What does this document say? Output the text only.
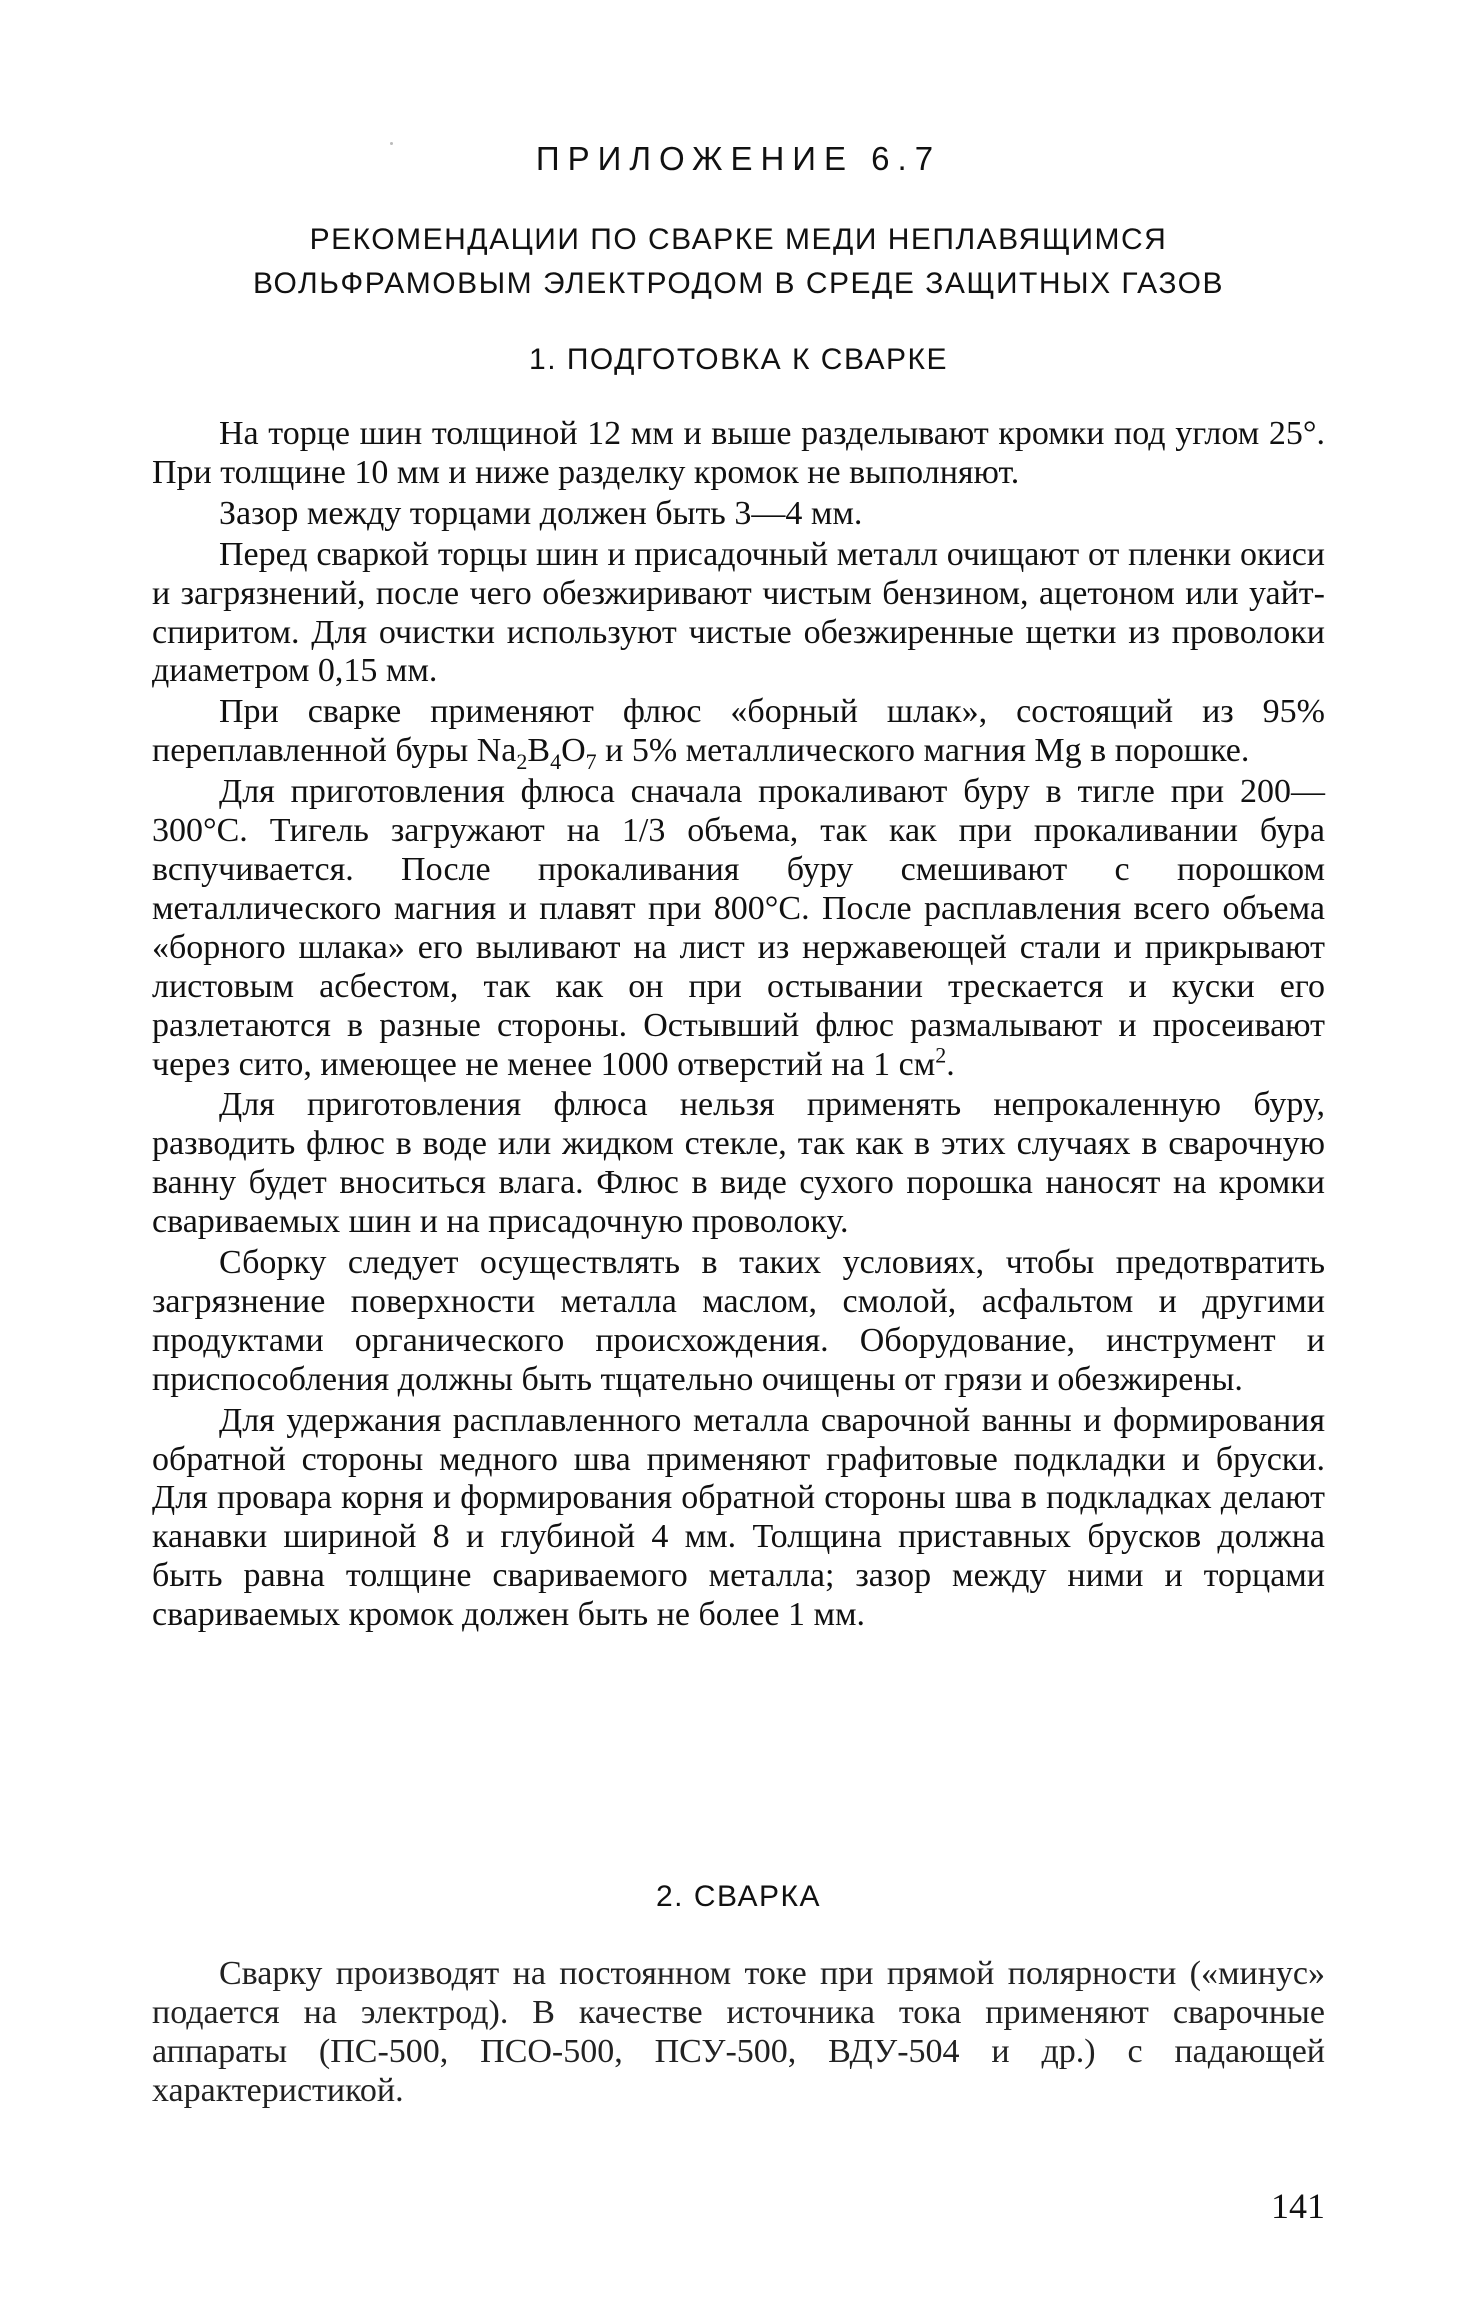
ПРИЛОЖЕНИЕ 6.7
РЕКОМЕНДАЦИИ ПО СВАРКЕ МЕДИ НЕПЛАВЯЩИМСЯ
ВОЛЬФРАМОВЫМ ЭЛЕКТРОДОМ В СРЕДЕ ЗАЩИТНЫХ ГАЗОВ
1. ПОДГОТОВКА К СВАРКЕ

На торце шин толщиной 12 мм и выше разделывают кромки под углом 25°. При толщине 10 мм и ниже разделку кромок не выполняют.

Зазор между торцами должен быть 3—4 мм.

Перед сваркой торцы шин и присадочный металл очищают от пленки окиси и загрязнений, после чего обезжиривают чистым бензином, ацетоном или уайт-спиритом. Для очистки используют чистые обезжиренные щетки из проволоки диаметром 0,15 мм.

При сварке применяют флюс «борный шлак», состоящий из 95% переплавленной буры $Na_2B_4O_7$ и 5% металлического магния Mg в порошке.

Для приготовления флюса сначала прокаливают буру в тигле при 200—300°С. Тигель загружают на 1/3 объема, так как при прокаливании бура вспучивается. После прокаливания буру смешивают с порошком металлического магния и плавят при 800°С. После расплавления всего объема «борного шлака» его выливают на лист из нержавеющей стали и прикрывают листовым асбестом, так как он при остывании трескается и куски его разлетаются в разные стороны. Остывший флюс размалывают и просеивают через сито, имеющее не менее 1000 отверстий на 1 $см^2$.

Для приготовления флюса нельзя применять непрокаленную буру, разводить флюс в воде или жидком стекле, так как в этих случаях в сварочную ванну будет вноситься влага. Флюс в виде сухого порошка наносят на кромки свариваемых шин и на присадочную проволоку.

Сборку следует осуществлять в таких условиях, чтобы предотвратить загрязнение поверхности металла маслом, смолой, асфальтом и другими продуктами органического происхождения. Оборудование, инструмент и приспособления должны быть тщательно очищены от грязи и обезжирены.

Для удержания расплавленного металла сварочной ванны и формирования обратной стороны медного шва применяют графитовые подкладки и бруски. Для провара корня и формирования обратной стороны шва в подкладках делают канавки шириной 8 и глубиной 4 мм. Толщина приставных брусков должна быть равна толщине свариваемого металла; зазор между ними и торцами свариваемых кромок должен быть не более 1 мм.

2. СВАРКА

Сварку производят на постоянном токе при прямой полярности («минус» подается на электрод). В качестве источника тока применяют сварочные аппараты (ПС-500, ПСО-500, ПСУ-500, ВДУ-504 и др.) с падающей характеристикой.

141
